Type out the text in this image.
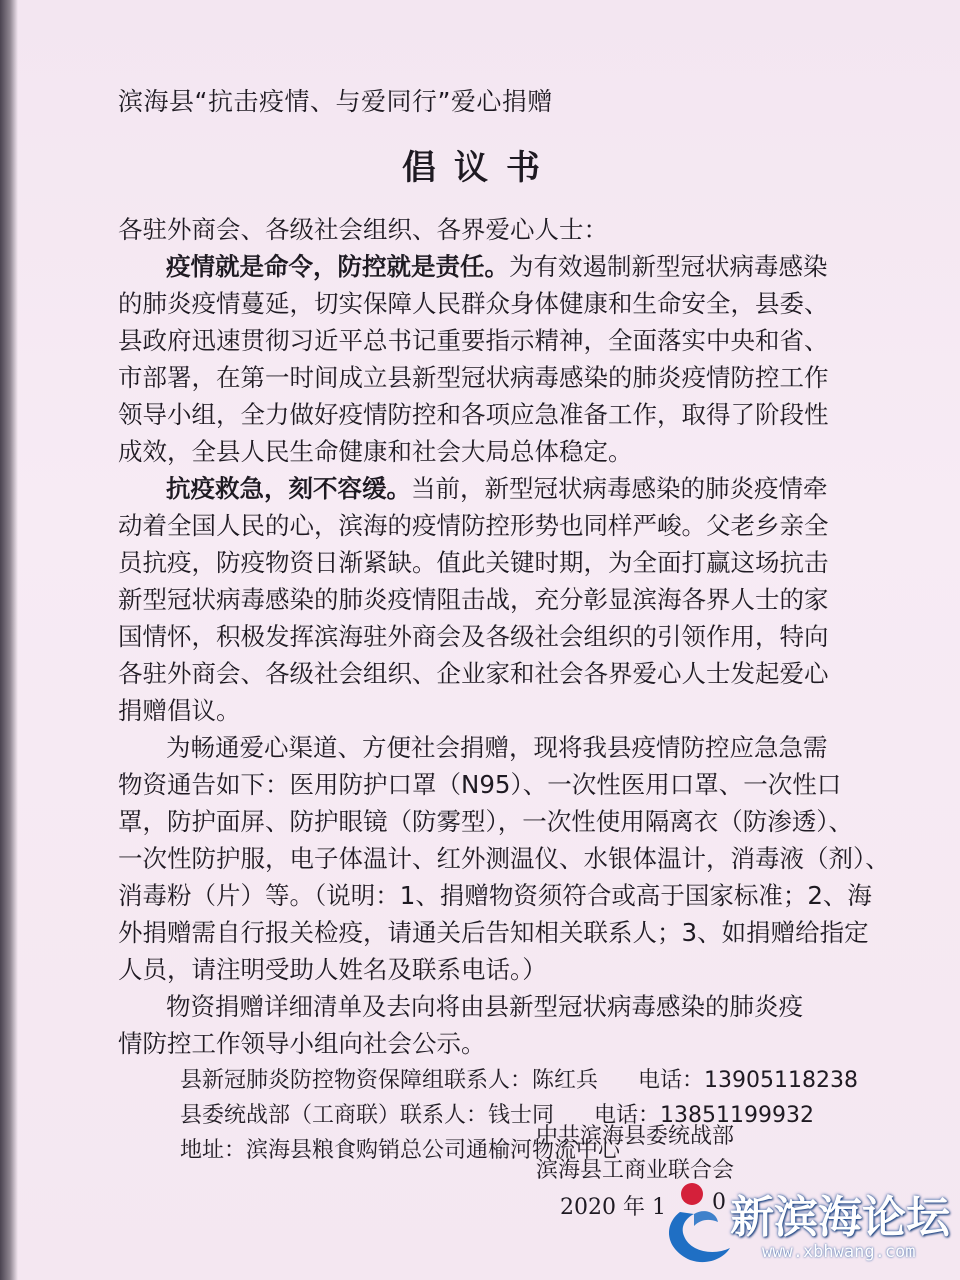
滨海县“抗击疫情、与爱同行”爱心捐赠
倡议书
各驻外商会、各级社会组织、各界爱心人士：
疫情就是命令，防控就是责任。为有效遏制新型冠状病毒感染
的肺炎疫情蔓延，切实保障人民群众身体健康和生命安全，县委、
县政府迅速贯彻习近平总书记重要指示精神，全面落实中央和省、
市部署，在第一时间成立县新型冠状病毒感染的肺炎疫情防控工作
领导小组，全力做好疫情防控和各项应急准备工作，取得了阶段性
成效，全县人民生命健康和社会大局总体稳定。
抗疫救急，刻不容缓。当前，新型冠状病毒感染的肺炎疫情牵
动着全国人民的心，滨海的疫情防控形势也同样严峻。父老乡亲全
员抗疫，防疫物资日渐紧缺。值此关键时期，为全面打赢这场抗击
新型冠状病毒感染的肺炎疫情阻击战，充分彰显滨海各界人士的家
国情怀，积极发挥滨海驻外商会及各级社会组织的引领作用，特向
各驻外商会、各级社会组织、企业家和社会各界爱心人士发起爱心
捐赠倡议。
为畅通爱心渠道、方便社会捐赠，现将我县疫情防控应急急需
物资通告如下：医用防护口罩（N95）、一次性医用口罩、一次性口
罩，防护面屏、防护眼镜（防雾型），一次性使用隔离衣（防渗透）、
一次性防护服，电子体温计、红外测温仪、水银体温计，消毒液（剂）、
消毒粉（片）等。（说明：1、捐赠物资须符合或高于国家标准；2、海
外捐赠需自行报关检疫，请通关后告知相关联系人；3、如捐赠给指定
人员，请注明受助人姓名及联系电话。）
物资捐赠详细清单及去向将由县新型冠状病毒感染的肺炎疫
情防控工作领导小组向社会公示。
县新冠肺炎防控物资保障组联系人：陈红兵 电话：13905118238
县委统战部（工商联）联系人：钱士同 电话：13851199932
地址：滨海县粮食购销总公司通榆河物流中心
中共滨海县委统战部
滨海县工商业联合会
2020 年 1 0 新滨海论坛
www.xbhwang.com
